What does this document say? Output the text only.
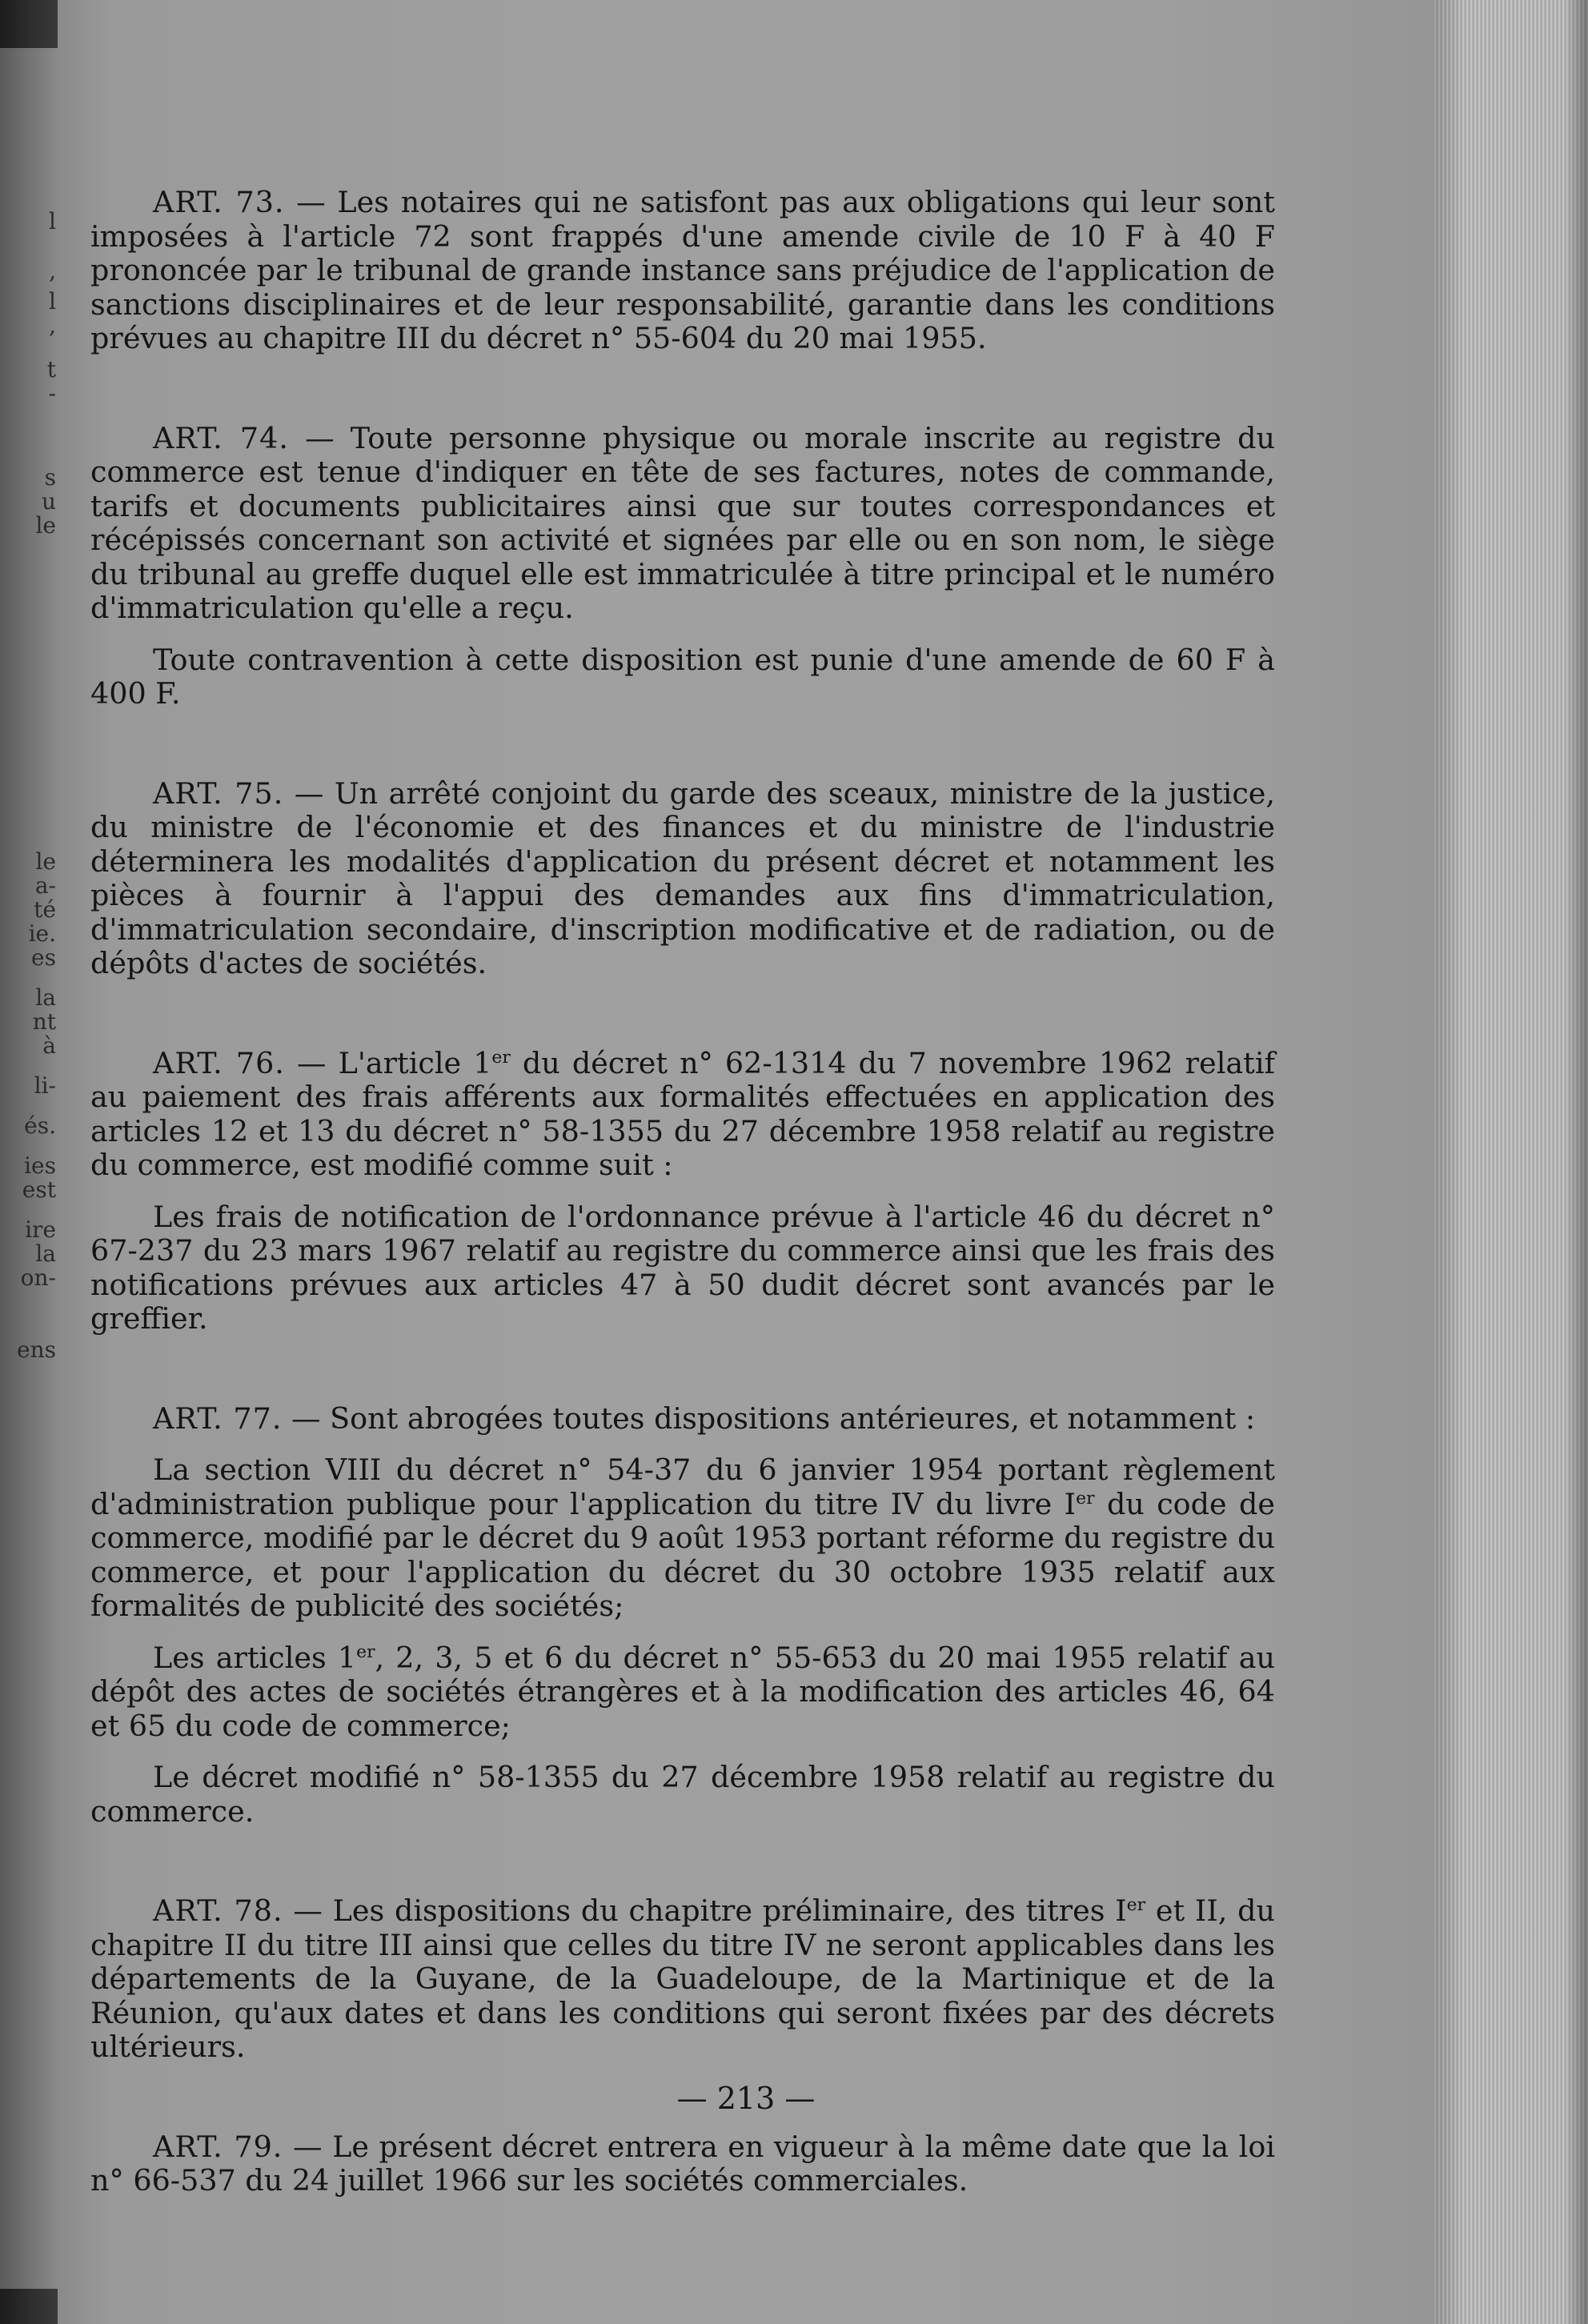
l
,
l
,
t
-
s
u
le
le
a-
té
ie.
es
la
nt
à
li-
és.
ies
est
ire
la
on-
ens

ART. 73. — Les notaires qui ne satisfont pas aux obligations qui leur sont imposées à l'article 72 sont frappés d'une amende civile de 10 F à 40 F prononcée par le tribunal de grande instance sans préjudice de l'application de sanctions disciplinaires et de leur responsabilité, garantie dans les conditions prévues au chapitre III du décret n° 55-604 du 20 mai 1955.

ART. 74. — Toute personne physique ou morale inscrite au registre du commerce est tenue d'indiquer en tête de ses factures, notes de commande, tarifs et documents publicitaires ainsi que sur toutes correspondances et récépissés concernant son activité et signées par elle ou en son nom, le siège du tribunal au greffe duquel elle est immatriculée à titre principal et le numéro d'immatriculation qu'elle a reçu.

Toute contravention à cette disposition est punie d'une amende de 60 F à 400 F.

ART. 75. — Un arrêté conjoint du garde des sceaux, ministre de la justice, du ministre de l'économie et des finances et du ministre de l'industrie déterminera les modalités d'application du présent décret et notamment les pièces à fournir à l'appui des demandes aux fins d'immatriculation, d'immatriculation secondaire, d'inscription modificative et de radiation, ou de dépôts d'actes de sociétés.

ART. 76. — L'article 1er du décret n° 62-1314 du 7 novembre 1962 relatif au paiement des frais afférents aux formalités effectuées en application des articles 12 et 13 du décret n° 58-1355 du 27 décembre 1958 relatif au registre du commerce, est modifié comme suit :

Les frais de notification de l'ordonnance prévue à l'article 46 du décret n° 67-237 du 23 mars 1967 relatif au registre du commerce ainsi que les frais des notifications prévues aux articles 47 à 50 dudit décret sont avancés par le greffier.

ART. 77. — Sont abrogées toutes dispositions antérieures, et notamment :

La section VIII du décret n° 54-37 du 6 janvier 1954 portant règlement d'administration publique pour l'application du titre IV du livre Ier du code de commerce, modifié par le décret du 9 août 1953 portant réforme du registre du commerce, et pour l'application du décret du 30 octobre 1935 relatif aux formalités de publicité des sociétés;

Les articles 1er, 2, 3, 5 et 6 du décret n° 55-653 du 20 mai 1955 relatif au dépôt des actes de sociétés étrangères et à la modification des articles 46, 64 et 65 du code de commerce;

Le décret modifié n° 58-1355 du 27 décembre 1958 relatif au registre du commerce.

ART. 78. — Les dispositions du chapitre préliminaire, des titres Ier et II, du chapitre II du titre III ainsi que celles du titre IV ne seront applicables dans les départements de la Guyane, de la Guadeloupe, de la Martinique et de la Réunion, qu'aux dates et dans les conditions qui seront fixées par des décrets ultérieurs.

ART. 79. — Le présent décret entrera en vigueur à la même date que la loi n° 66-537 du 24 juillet 1966 sur les sociétés commerciales.

— 213 —
